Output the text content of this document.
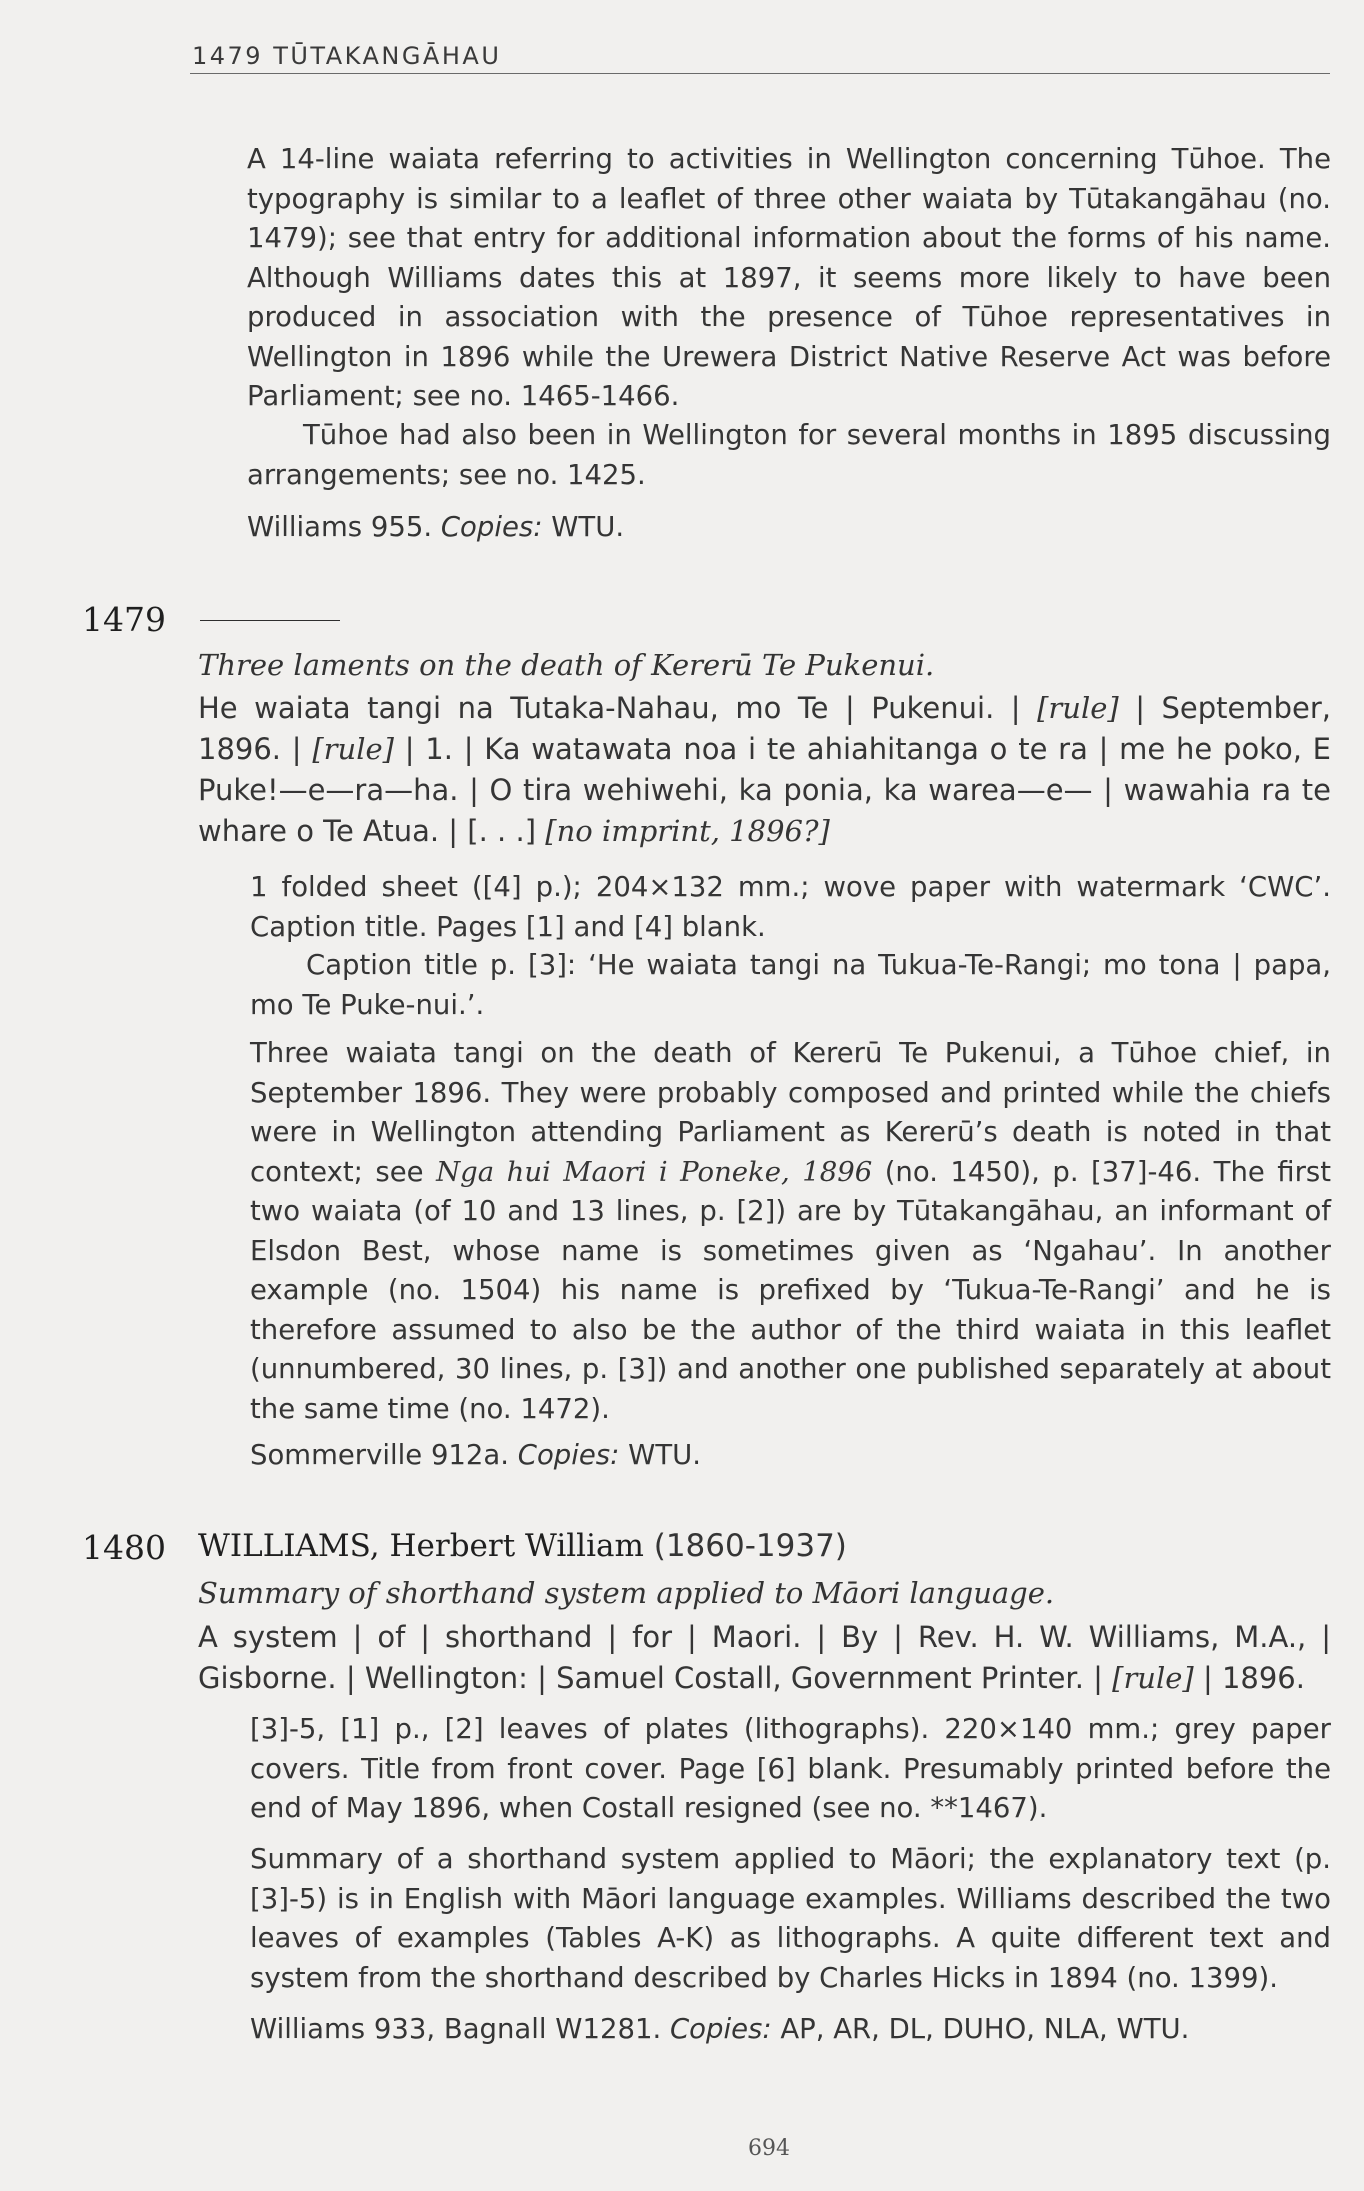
1479 TŪTAKANGĀHAU

A 14-line waiata referring to activities in Wellington concerning Tūhoe. The typography is similar to a leaflet of three other waiata by Tūtakangāhau (no. 1479); see that entry for additional information about the forms of his name. Although Williams dates this at 1897, it seems more likely to have been produced in association with the presence of Tūhoe representatives in Wellington in 1896 while the Urewera District Native Reserve Act was before Parliament; see no. 1465-1466.

Tūhoe had also been in Wellington for several months in 1895 discussing arrangements; see no. 1425.

Williams 955. Copies: WTU.

1479
Three laments on the death of Kererū Te Pukenui.

He waiata tangi na Tutaka-Nahau, mo Te | Pukenui. | [rule] | September, 1896. | [rule] | 1. | Ka watawata noa i te ahiahitanga o te ra | me he poko, E Puke!—e—ra—ha. | O tira wehiwehi, ka ponia, ka warea—e— | wawahia ra te whare o Te Atua. | [. . .] [no imprint, 1896?]

1 folded sheet ([4] p.); 204×132 mm.; wove paper with watermark ‘CWC’. Caption title. Pages [1] and [4] blank.

Caption title p. [3]: ‘He waiata tangi na Tukua-Te-Rangi; mo tona | papa, mo Te Puke-nui.’.

Three waiata tangi on the death of Kererū Te Pukenui, a Tūhoe chief, in September 1896. They were probably composed and printed while the chiefs were in Wellington attending Parliament as Kererū’s death is noted in that context; see Nga hui Maori i Poneke, 1896 (no. 1450), p. [37]-46. The first two waiata (of 10 and 13 lines, p. [2]) are by Tūtakangāhau, an informant of Elsdon Best, whose name is sometimes given as ‘Ngahau’. In another example (no. 1504) his name is prefixed by ‘Tukua-Te-Rangi’ and he is therefore assumed to also be the author of the third waiata in this leaflet (unnumbered, 30 lines, p. [3]) and another one published separately at about the same time (no. 1472).

Sommerville 912a. Copies: WTU.

1480 WILLIAMS, Herbert William (1860-1937)
Summary of shorthand system applied to Māori language.

A system | of | shorthand | for | Maori. | By | Rev. H. W. Williams, M.A., | Gisborne. | Wellington: | Samuel Costall, Government Printer. | [rule] | 1896.

[3]-5, [1] p., [2] leaves of plates (lithographs). 220×140 mm.; grey paper covers. Title from front cover. Page [6] blank. Presumably printed before the end of May 1896, when Costall resigned (see no. **1467).

Summary of a shorthand system applied to Māori; the explanatory text (p. [3]-5) is in English with Māori language examples. Williams described the two leaves of examples (Tables A-K) as lithographs. A quite different text and system from the shorthand described by Charles Hicks in 1894 (no. 1399).

Williams 933, Bagnall W1281. Copies: AP, AR, DL, DUHO, NLA, WTU.

694
